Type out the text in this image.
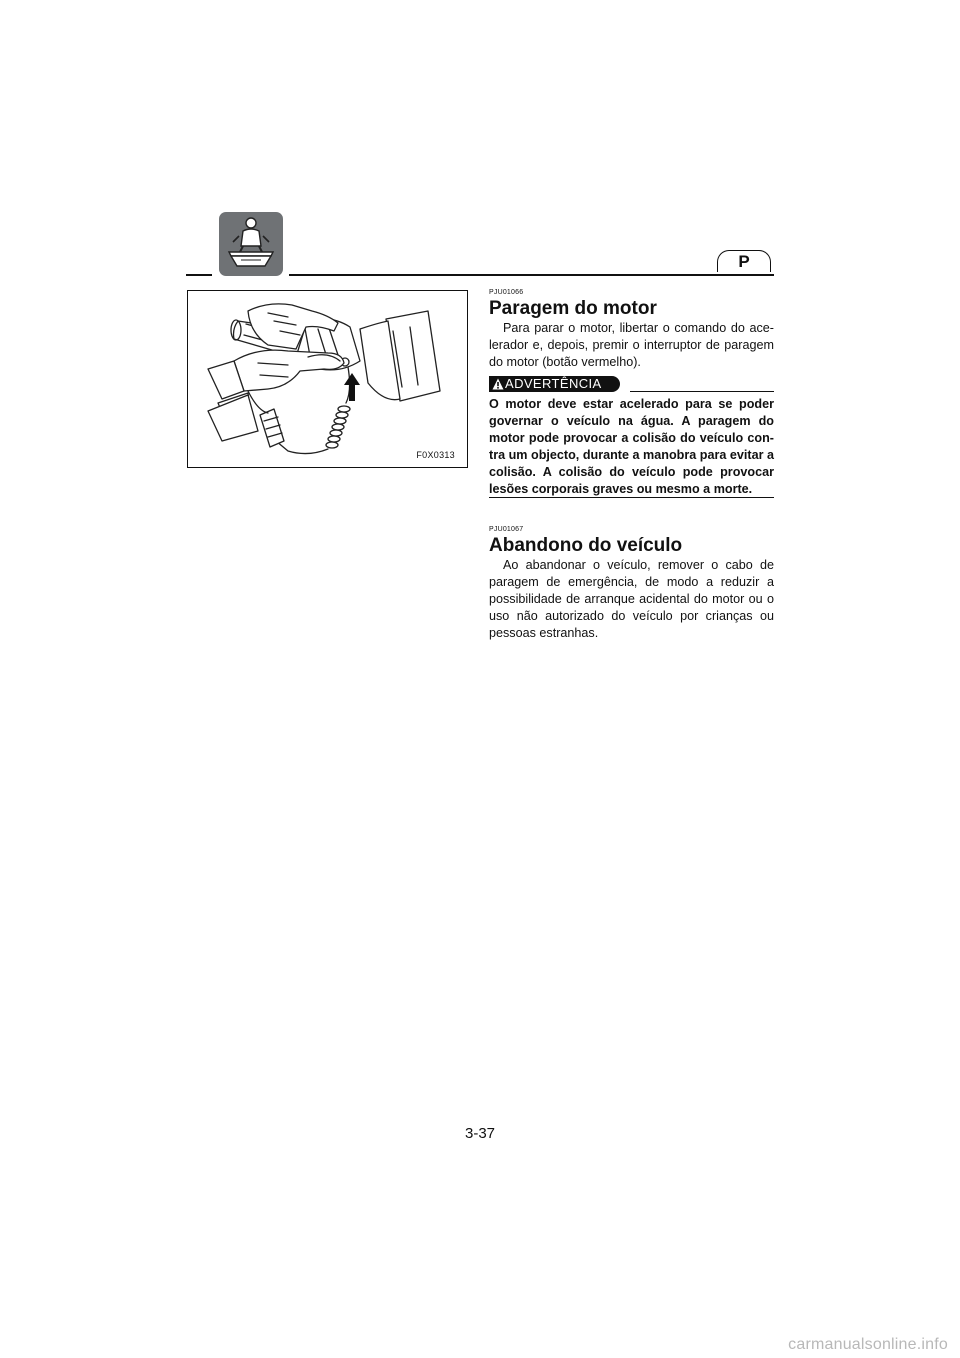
P
F0X0313
PJU01066
Paragem do motor

Para parar o motor, libertar o comando do ace-lerador e, depois, premir o interruptor de paragem do motor (botão vermelho).

ADVERTÊNCIA

O motor deve estar acelerado para se poder governar o veículo na água. A paragem do motor pode provocar a colisão do veículo con-tra um objecto, durante a manobra para evitar a colisão. A colisão do veículo pode provocar lesões corporais graves ou mesmo a morte.

PJU01067
Abandono do veículo

Ao abandonar o veículo, remover o cabo de paragem de emergência, de modo a reduzir a possibilidade de arranque acidental do motor ou o uso não autorizado do veículo por crianças ou pessoas estranhas.

3-37
carmanualsonline.info
